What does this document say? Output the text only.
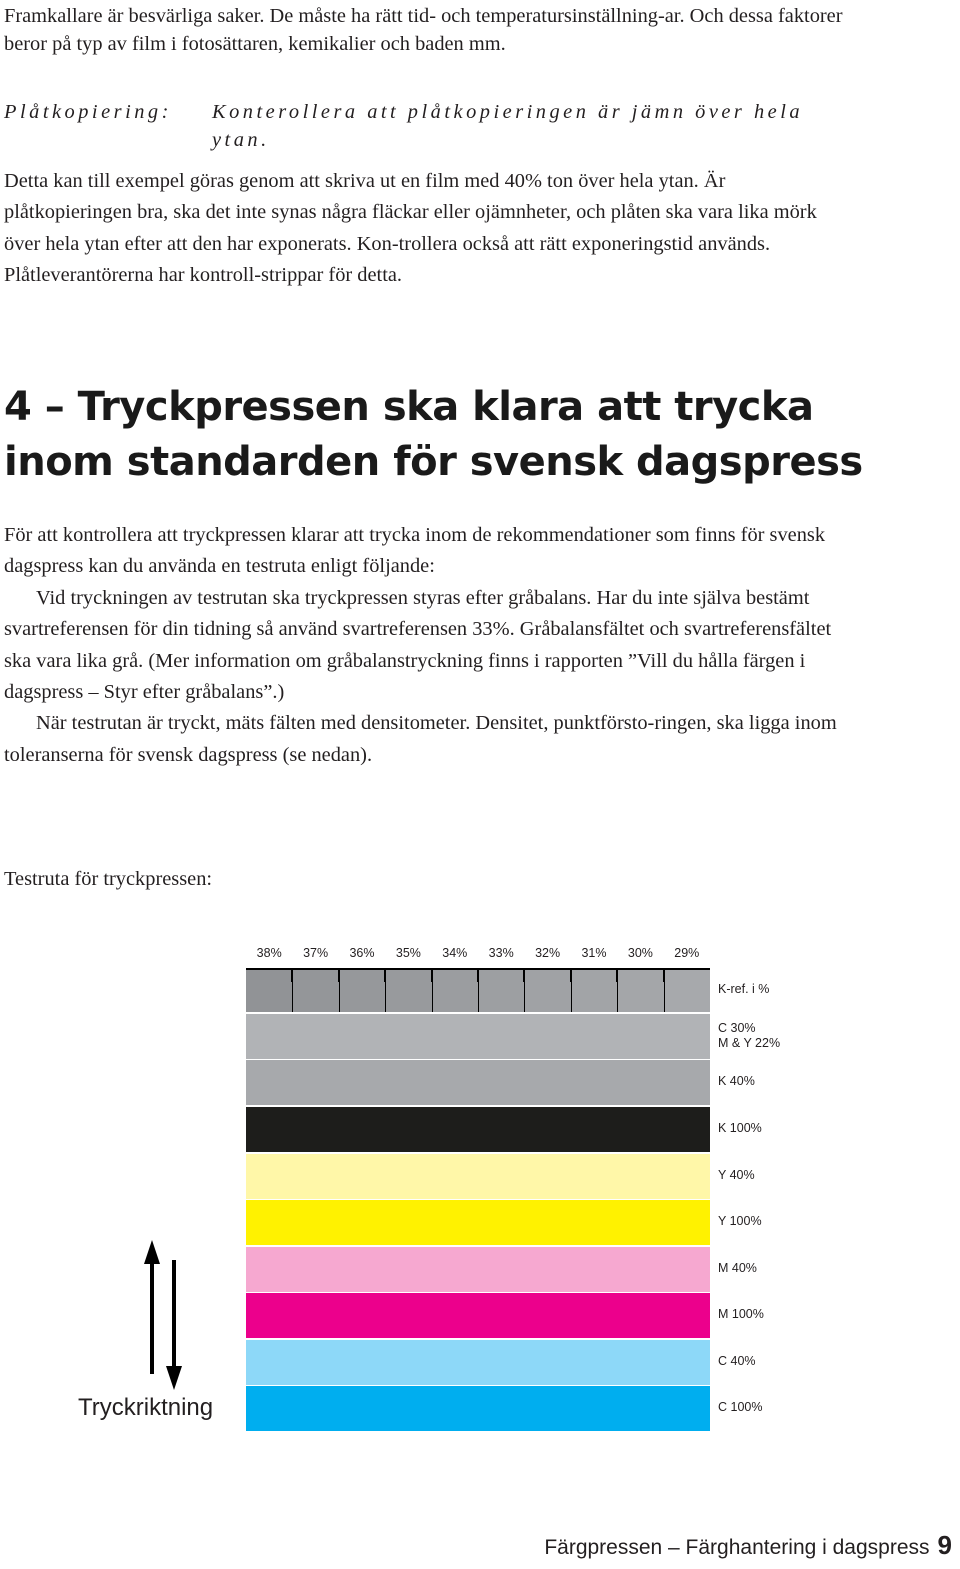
Framkallare är besvärliga saker. De måste ha rätt tid- och temperatursinställning-ar. Och dessa faktorer beror på typ av film i fotosättaren, kemikalier och baden mm.
Plåtkopiering: Konterollera att plåtkopieringen är jämn över hela ytan.
Detta kan till exempel göras genom att skriva ut en film med 40% ton över hela ytan. Är plåtkopieringen bra, ska det inte synas några fläckar eller ojämnheter, och plåten ska vara lika mörk över hela ytan efter att den har exponerats. Kon-trollera också att rätt exponeringstid används. Plåtleverantörerna har kontroll-strippar för detta.
4 – Tryckpressen ska klara att trycka
inom standarden för svensk dagspress
För att kontrollera att tryckpressen klarar att trycka inom de rekommendationer som finns för svensk dagspress kan du använda en testruta enligt följande:
Vid tryckningen av testrutan ska tryckpressen styras efter gråbalans. Har du inte själva bestämt svartreferensen för din tidning så använd svartreferensen 33%. Gråbalansfältet och svartreferensfältet ska vara lika grå. (Mer information om gråbalanstryckning finns i rapporten ”Vill du hålla färgen i dagspress – Styr efter gråbalans”.)
När testrutan är tryckt, mäts fälten med densitometer. Densitet, punktförsto-ringen, ska ligga inom toleranserna för svensk dagspress (se nedan).
Testruta för tryckpressen:
38%	37%	36%	35%	34%	33%	32%	31%	30%	29%
K-ref. i %
C 30%
M & Y 22%
K 40%
K 100%
Y 40%
Y 100%
M 40%
M 100%
C 40%
C 100%
Tryckriktning
Färgpressen – Färghantering i dagspress 9
